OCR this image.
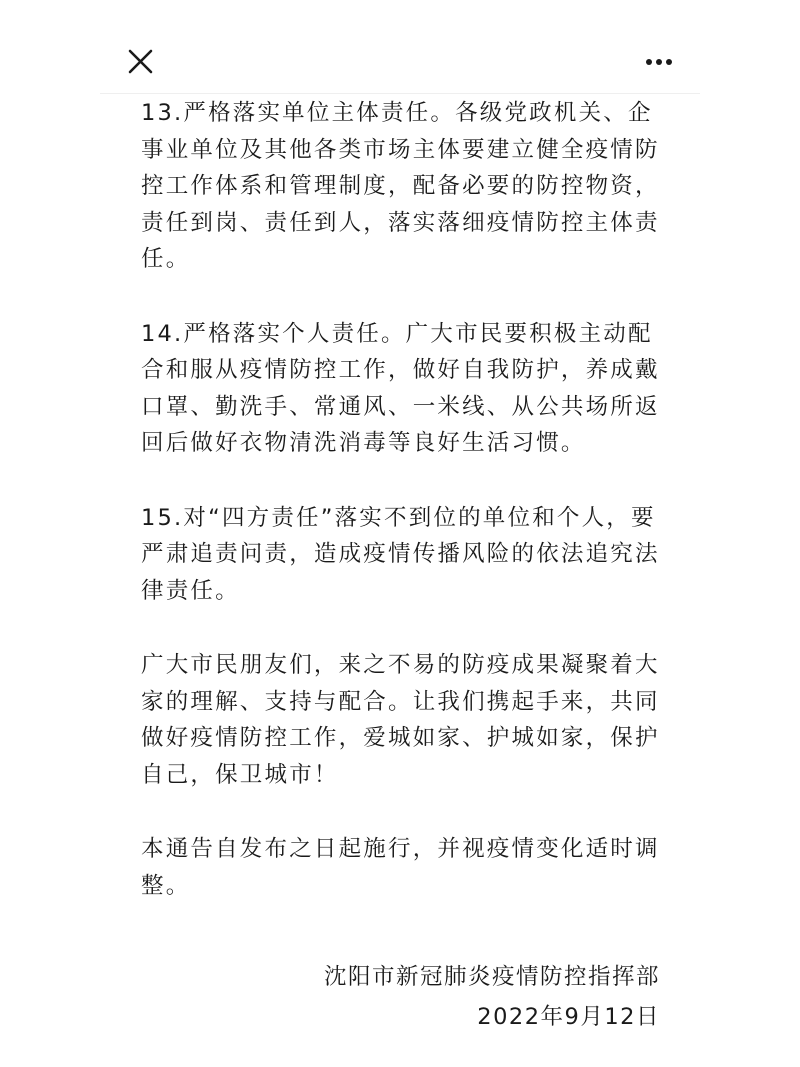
13.严格落实单位主体责任。各级党政机关、企事业单位及其他各类市场主体要建立健全疫情防控工作体系和管理制度，配备必要的防控物资，责任到岗、责任到人，落实落细疫情防控主体责任。

14.严格落实个人责任。广大市民要积极主动配合和服从疫情防控工作，做好自我防护，养成戴口罩、勤洗手、常通风、一米线、从公共场所返回后做好衣物清洗消毒等良好生活习惯。

15.对“四方责任”落实不到位的单位和个人，要严肃追责问责，造成疫情传播风险的依法追究法律责任。

广大市民朋友们，来之不易的防疫成果凝聚着大家的理解、支持与配合。让我们携起手来，共同做好疫情防控工作，爱城如家、护城如家，保护自己，保卫城市！

本通告自发布之日起施行，并视疫情变化适时调整。

沈阳市新冠肺炎疫情防控指挥部
2022年9月12日
